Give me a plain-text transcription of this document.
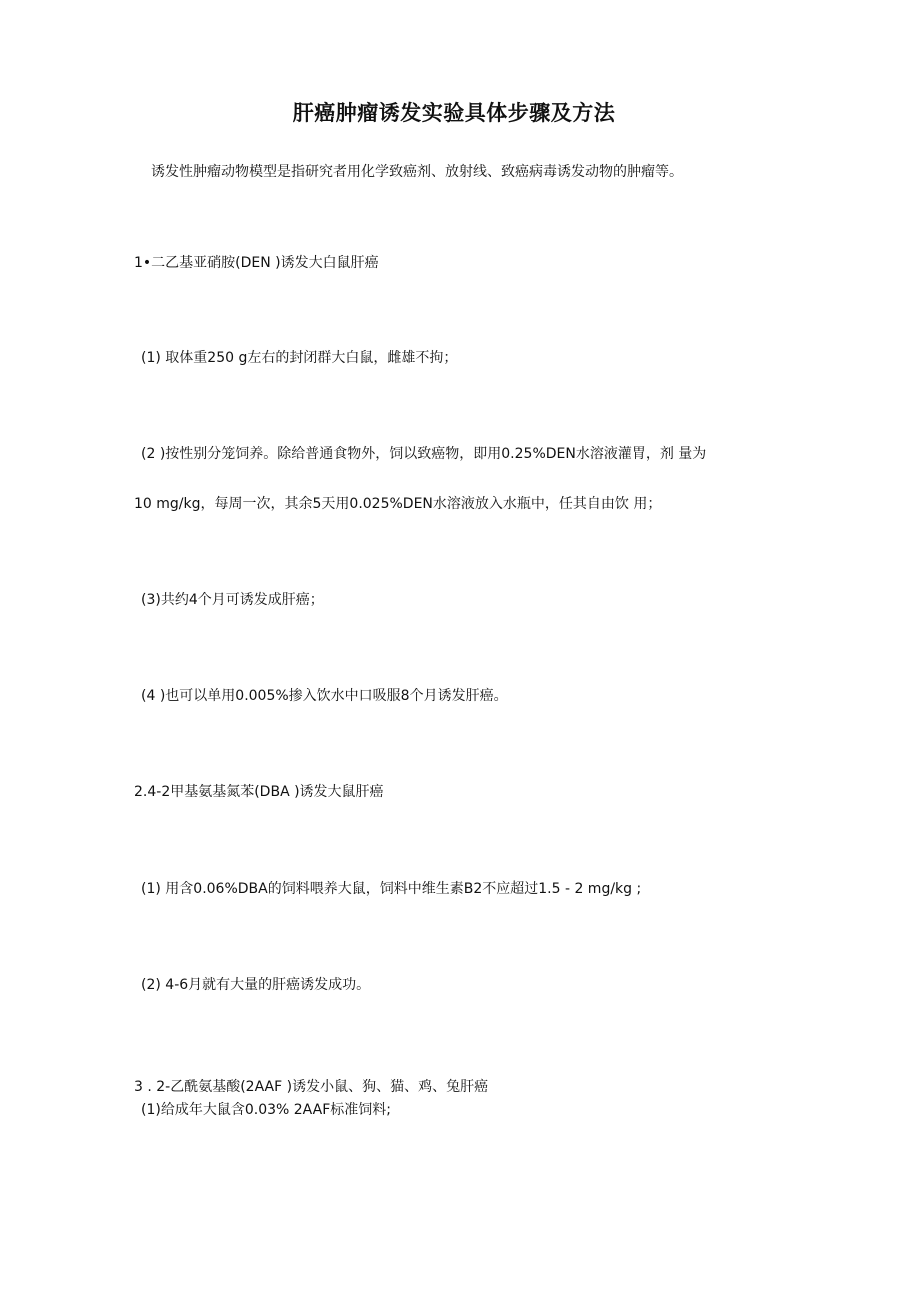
肝癌肿瘤诱发实验具体步骤及方法
诱发性肿瘤动物模型是指研究者用化学致癌剂、放射线、致癌病毒诱发动物的肿瘤等。
1•二乙基亚硝胺(DEN )诱发大白鼠肝癌
(1) 取体重250 g左右的封闭群大白鼠，雌雄不拘；
(2 )按性别分笼饲养。除给普通食物外，饲以致癌物，即用0.25%DEN水溶液灌胃，剂 量为
10 mg/kg，每周一次，其余5天用0.025%DEN水溶液放入水瓶中，任其自由饮 用；
(3)共约4个月可诱发成肝癌；
(4 )也可以单用0.005%掺入饮水中口吸服8个月诱发肝癌。
2.4-2甲基氨基氮苯(DBA )诱发大鼠肝癌
(1) 用含0.06%DBA的饲料喂养大鼠，饲料中维生素B2不应超过1.5 - 2 mg/kg ;
(2) 4-6月就有大量的肝癌诱发成功。
3 . 2-乙酰氨基酸(2AAF )诱发小鼠、狗、猫、鸡、兔肝癌
(1)给成年大鼠含0.03% 2AAF标准饲料;
